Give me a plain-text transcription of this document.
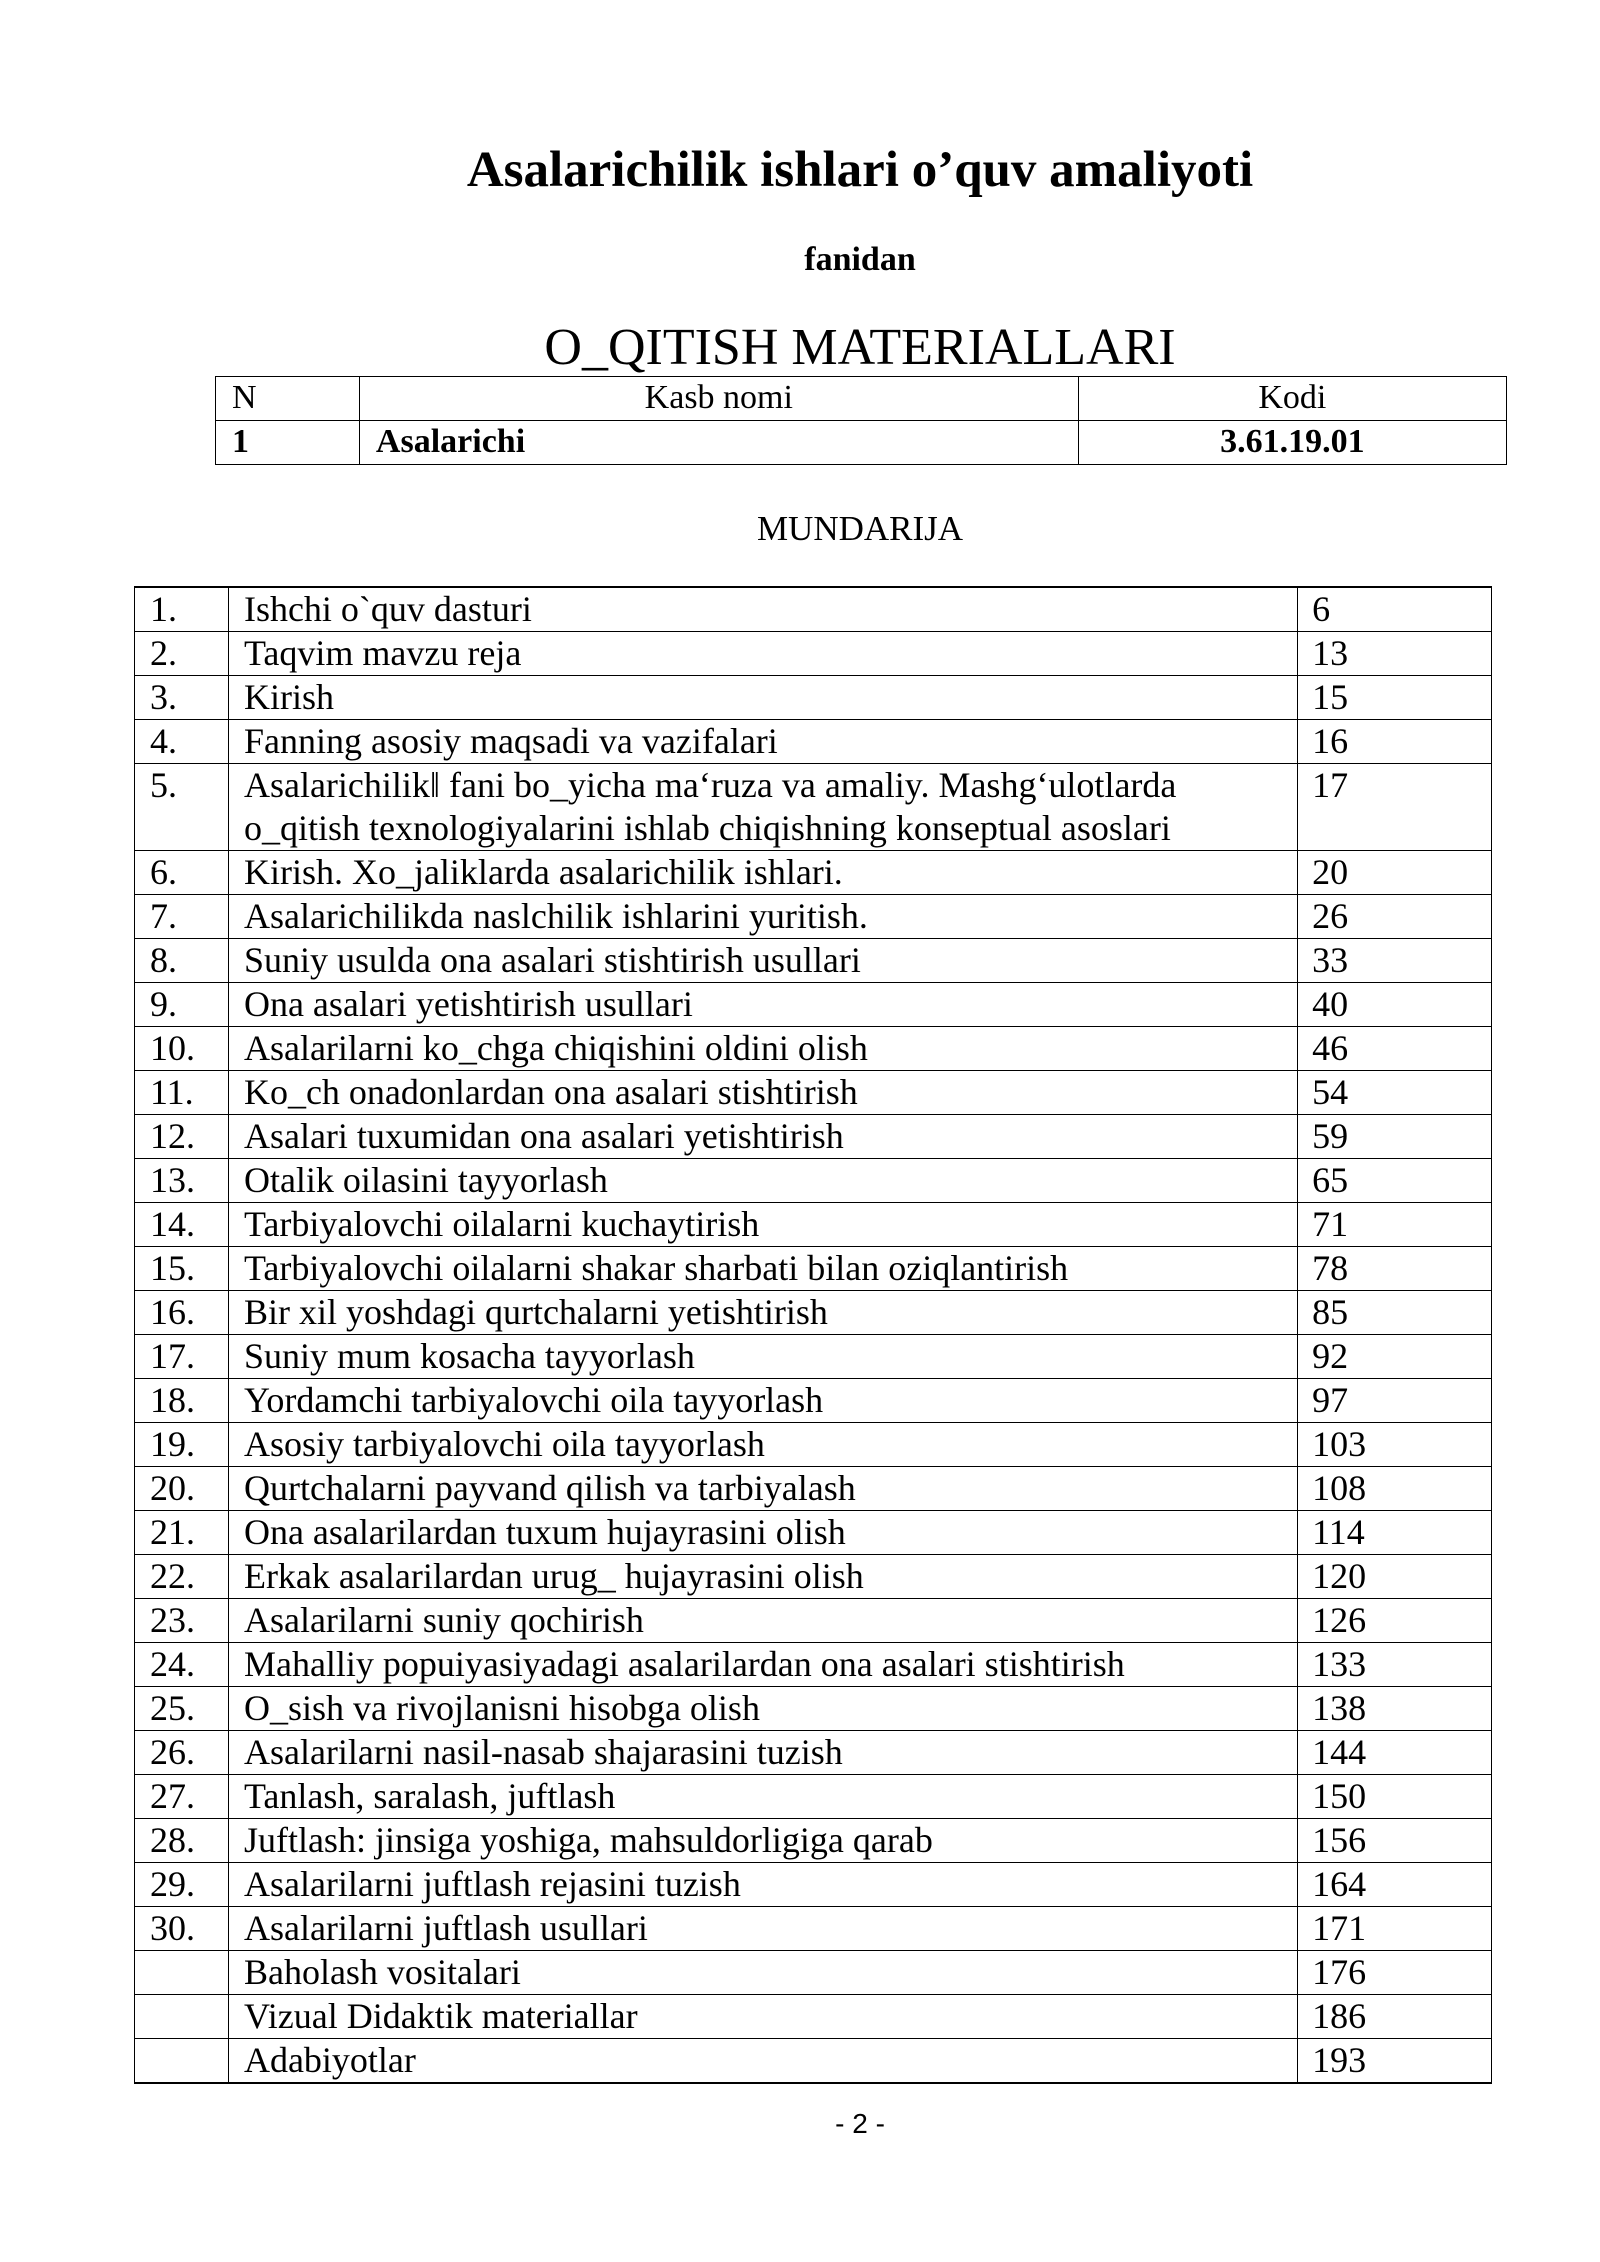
Asalarichilik ishlari o’quv amaliyoti
fanidan
O_QITISH MATERIALLARI
N	Kasb nomi	Kodi
1	Asalarichi	3.61.19.01
MUNDARIJA
1.	Ishchi o`quv dasturi	6
2.	Taqvim mavzu reja	13
3.	Kirish	15
4.	Fanning asosiy maqsadi va vazifalari	16
5.	Asalarichilik‖ fani bo_yicha ma‘ruza va amaliy. Mashg‘ulotlarda o_qitish texnologiyalarini ishlab chiqishning konseptual asoslari	17
6.	Kirish. Xo_jaliklarda asalarichilik ishlari.	20
7.	Asalarichilikda naslchilik ishlarini yuritish.	26
8.	Suniy usulda ona asalari stishtirish usullari	33
9.	Ona asalari yetishtirish usullari	40
10.	Asalarilarni ko_chga chiqishini oldini olish	46
11.	Ko_ch onadonlardan ona asalari stishtirish	54
12.	Asalari tuxumidan ona asalari yetishtirish	59
13.	Otalik oilasini tayyorlash	65
14.	Tarbiyalovchi oilalarni kuchaytirish	71
15.	Tarbiyalovchi oilalarni shakar sharbati bilan oziqlantirish	78
16.	Bir xil yoshdagi qurtchalarni yetishtirish	85
17.	Suniy mum kosacha tayyorlash	92
18.	Yordamchi tarbiyalovchi oila tayyorlash	97
19.	Asosiy tarbiyalovchi oila tayyorlash	103
20.	Qurtchalarni payvand qilish va tarbiyalash	108
21.	Ona asalarilardan tuxum hujayrasini olish	114
22.	Erkak asalarilardan urug_ hujayrasini olish	120
23.	Asalarilarni suniy qochirish	126
24.	Mahalliy popuiyasiyadagi asalarilardan ona asalari stishtirish	133
25.	O_sish va rivojlanisni hisobga olish	138
26.	Asalarilarni nasil-nasab shajarasini tuzish	144
27.	Tanlash, saralash, juftlash	150
28.	Juftlash: jinsiga yoshiga, mahsuldorligiga qarab	156
29.	Asalarilarni juftlash rejasini tuzish	164
30.	Asalarilarni juftlash usullari	171
	Baholash vositalari	176
	Vizual Didaktik materiallar	186
	Adabiyotlar	193
- 2 -
